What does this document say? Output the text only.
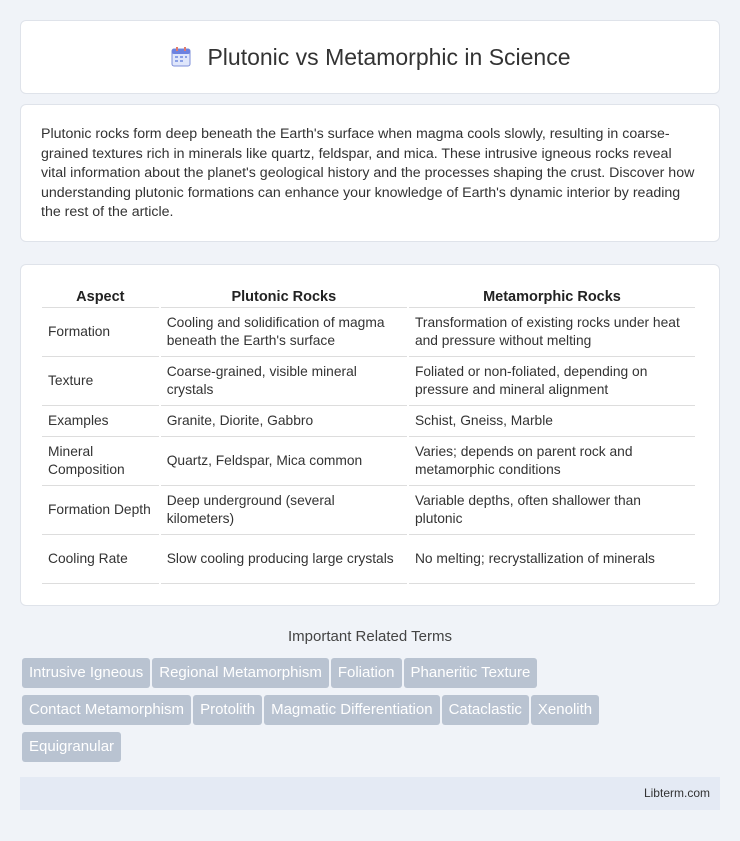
Plutonic vs Metamorphic in Science

Plutonic rocks form deep beneath the Earth's surface when magma cools slowly, resulting in coarse-grained textures rich in minerals like quartz, feldspar, and mica. These intrusive igneous rocks reveal vital information about the planet's geological history and the processes shaping the crust. Discover how understanding plutonic formations can enhance your knowledge of Earth's dynamic interior by reading the rest of the article.

Aspect	Plutonic Rocks	Metamorphic Rocks
Formation	Cooling and solidification of magma beneath the Earth's surface	Transformation of existing rocks under heat and pressure without melting
Texture	Coarse-grained, visible mineral crystals	Foliated or non-foliated, depending on pressure and mineral alignment
Examples	Granite, Diorite, Gabbro	Schist, Gneiss, Marble
Mineral Composition	Quartz, Feldspar, Mica common	Varies; depends on parent rock and metamorphic conditions
Formation Depth	Deep underground (several kilometers)	Variable depths, often shallower than plutonic
Cooling Rate	Slow cooling producing large crystals	No melting; recrystallization of minerals
Important Related Terms
Intrusive Igneous Regional Metamorphism Foliation Phaneritic Texture
Contact Metamorphism Protolith Magmatic Differentiation Cataclastic Xenolith
Equigranular
Libterm.com
